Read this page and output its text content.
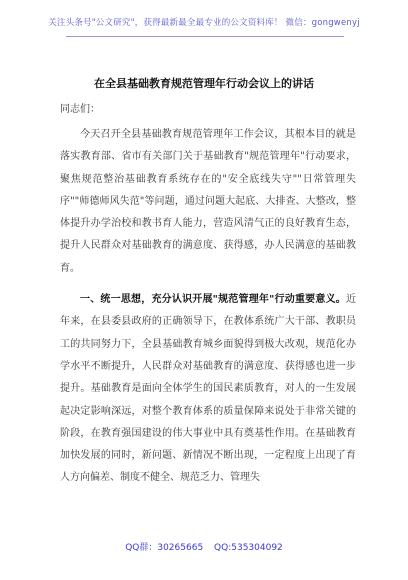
关注头条号"公文研究"，获得最新最全最专业的公文资料库！ 微信：gongwenyj
在全县基础教育规范管理年行动会议上的讲话
同志们：

今天召开全县基础教育规范管理年工作会议，其根本目的就是落实教育部、省市有关部门关于基础教育"规范管理年"行动要求，聚焦规范整治基础教育系统存在的"安全底线失守""日常管理失序""师德师风失范"等问题，通过问题大起底、大排查、大整改，整体提升办学治校和教书育人能力，营造风清气正的良好教育生态，提升人民群众对基础教育的满意度、获得感，办人民满意的基础教育。

一、统一思想，充分认识开展"规范管理年"行动重要意义。近年来，在县委县政府的正确领导下，在教体系统广大干部、教职员工的共同努力下，全县基础教育城乡面貌得到极大改观，规范化办学水平不断提升，人民群众对基础教育的满意度、获得感也进一步提升。基础教育是面向全体学生的国民素质教育，对人的一生发展起决定影响深远，对整个教育体系的质量保障来说处于非常关键的阶段，在教育强国建设的伟大事业中具有奠基性作用。在基础教育加快发展的同时，新问题、新情况不断出现，一定程度上出现了育人方向偏差、制度不健全、规范乏力、管理失

QQ群：30265665 QQ:535304092
